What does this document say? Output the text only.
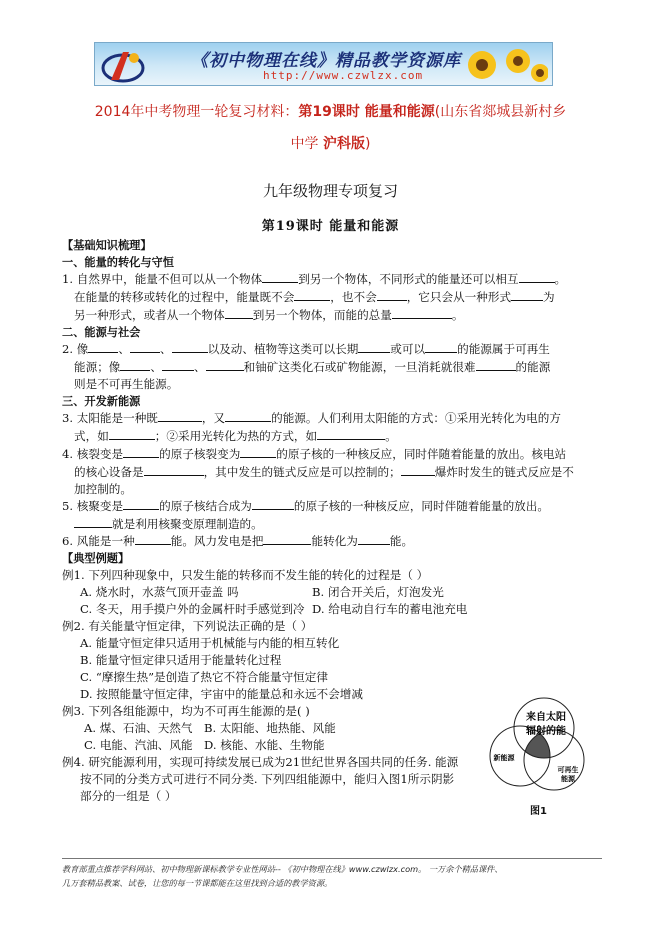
《初中物理在线》精品教学资源库
http://www.czwlzx.com
2014年中考物理一轮复习材料：第19课时 能量和能源(山东省郯城县新村乡
中学 沪科版)
九年级物理专项复习
第19课时 能量和能源
【基础知识梳理】
一、能量的转化与守恒
1. 自然界中，能量不但可以从一个物体	到另一个物体，不同形式的能量还可以相互	。
在能量的转移或转化的过程中，能量既不会	，也不会	，它只会从一种形式	为
另一种形式，或者从一个物体 到另一个物体，而能的总量	。
二、能源与社会
2. 像	、	、	以及动、植物等这类可以长期	或可以	的能源属于可再生
能源；像	、	、	和铀矿这类化石或矿物能源，一旦消耗就很难	的能源
则是不可再生能源。
三、开发新能源
3. 太阳能是一种既	，又	的能源。人们利用太阳能的方式：①采用光转化为电的方
式，如	；②采用光转化为热的方式，如	。
4. 核裂变是	的原子核裂变为	的原子核的一种核反应，同时伴随着能量的放出。核电站
的核心设备是	，其中发生的链式反应是可以控制的；	爆炸时发生的链式反应是不
加控制的。
5. 核聚变是	的原子核结合成为	的原子核的一种核反应，同时伴随着能量的放出。
就是利用核聚变原理制造的。
6. 风能是一种	能。风力发电是把	能转化为	能。
【典型例题】
例1. 下列四种现象中，只发生能的转移而不发生能的转化的过程是（ ）
A. 烧水时，水蒸气顶开壶盖 吗	B. 闭合开关后，灯泡发光
C. 冬天，用手摸户外的金属杆时手感觉到冷 D. 给电动自行车的蓄电池充电
例2. 有关能量守恒定律，下列说法正确的是（ ）
A. 能量守恒定律只适用于机械能与内能的相互转化
B. 能量守恒定律只适用于能量转化过程
C. “摩擦生热”是创造了热它不符合能量守恒定律
D. 按照能量守恒定律，宇宙中的能量总和永远不会增减
例3. 下列各组能源中，均为不可再生能源的是( )
A. 煤、石油、天然气 B. 太阳能、地热能、风能
C. 电能、汽油、风能 D. 核能、水能、生物能
例4. 研究能源利用，实现可持续发展已成为21世纪世界各国共同的任务. 能源
按不同的分类方式可进行不同分类. 下列四组能源中，能归入图1所示阴影
部分的一组是（ ）
来自太阳
辐射的能
新能源
可再生
能源
图1
教育部重点推荐学科网站、初中物理新课标教学专业性网站-- 《初中物理在线》www.czwlzx.com。 一万余个精品课件、
几万套精品教案、试卷，让您的每一节课都能在这里找到合适的教学资源。
